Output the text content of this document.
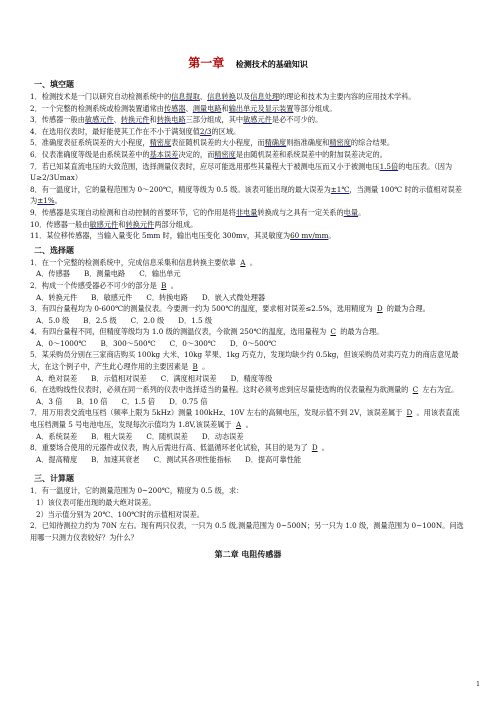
第一章 检测技术的基础知识
一、填空题
1．检测技术是一门以研究自动检测系统中的信息提取、信息转换以及信息处理的理论和技术为主要内容的应用技术学科。
2．一个完整的检测系统或检测装置通常由传感器、测量电路和输出单元及显示装置等部分组成。
3．传感器一般由敏感元件、转换元件和转换电路三部分组成，其中敏感元件是必不可少的。
4．在选用仪表时，最好能使其工作在不小于满刻度值2/3的区域。
5．准确度表征系统误差的大小程度，精密度表征随机误差的大小程度，而精确度则指准确度和精密度的综合结果。
6．仪表准确度等级是由系统误差中的基本误差决定的，而精密度是由随机误差和系统误差中的附加误差决定的。
7．若已知某直流电压的大致范围，选择测量仪表时，应尽可能选用那些其量程大于被测电压而又小于被测电压1.5倍的电压表。（因为U≥2/3Umax）
8．有一温度计，它的量程范围为 0～200℃，精度等级为 0.5 级。该表可能出现的最大误差为±1℃，当测量 100℃ 时的示值相对误差为±1%。
9．传感器是实现自动检测和自动控制的首要环节，它的作用是将非电量转换成与之具有一定关系的电量。
10．传感器一般由敏感元件和转换元件两部分组成。
11．某位移传感器，当输入量变化 5mm 时，输出电压变化 300mv，其灵敏度为60 mv/mm。
二、选择题
1．在一个完整的检测系统中，完成信息采集和信息转换主要依靠 A 。
A．传感器 B．测量电路 C．输出单元
2．构成一个传感受器必不可少的部分是 B 。
A．转换元件 B．敏感元件 C．转换电路 D．嵌入式微处理器
3．有四台量程均为 0-600℃的测量仪表。今要测一约为 500℃的温度，要求相对误差≤2.5%，选用精度为 D 的最为合理。
A．5.0 级 B．2.5 级 C．2.0 级 D．1.5 级
4．有四台量程不同，但精度等级均为 1.0 级的测温仪表，今欲测 250℃的温度，选用量程为 C 的最为合理。
A．0～1000℃ B．300～500℃ C．0～300℃ D．0～500℃
5．某采购员分别在三家商店购买 100kg 大米、10kg 苹果、1kg 巧克力，发现均缺少约 0.5kg，但该采购员对卖巧克力的商店意见最大，在这个例子中，产生此心理作用的主要因素是 B 。
A．绝对误差 B．示值相对误差 C．满度相对误差 D．精度等级
6．在选购线性仪表时，必须在同一系列的仪表中选择适当的量程。这时必须考虑到应尽量使选购的仪表量程为欲测量的 C 左右为宜。
A．3 倍 B．10 倍 C．1.5 倍 D．0.75 倍
7．用万用表交流电压档（频率上限为 5kHz）测量 100kHz、10V 左右的高频电压，发现示值不到 2V，该误差属于 D 。用该表直流电压档测量 5 号电池电压，发现每次示值均为 1.8V,该误差属于 A 。
A．系统误差 B．粗大误差 C．随机误差 D．动态误差
8．重要场合使用的元器件或仪表，购入后需进行高、低温循环老化试验，其目的是为了 D 。
A．提高精度 B．加速其衰老 C．测试其各项性能指标 D．提高可靠性能
三、计算题
1．有一温度计，它的测量范围为 0~200℃，精度为 0.5 级，求：
1）该仪表可能出现的最大绝对误差。
2）当示值分别为 20℃、100℃时的示值相对误差。
2．已知待测拉力约为 70N 左右。现有两只仪表，一只为 0.5 级,测量范围为 0~500N；另一只为 1.0 级，测量范围为 0~100N。问选用哪一只测力仪表较好？为什么？
第二章 电阻传感器
1
